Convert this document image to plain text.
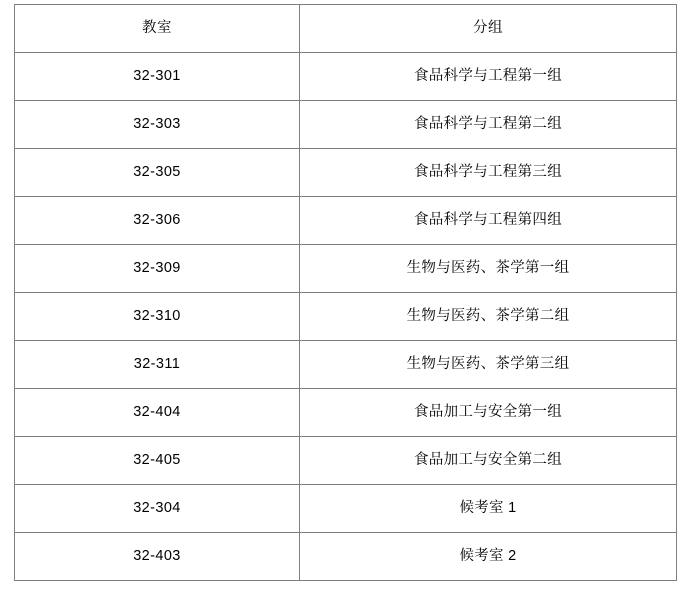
教室	分组
32-301	食品科学与工程第一组
32-303	食品科学与工程第二组
32-305	食品科学与工程第三组
32-306	食品科学与工程第四组
32-309	生物与医药、茶学第一组
32-310	生物与医药、茶学第二组
32-311	生物与医药、茶学第三组
32-404	食品加工与安全第一组
32-405	食品加工与安全第二组
32-304	候考室 1
32-403	候考室 2
